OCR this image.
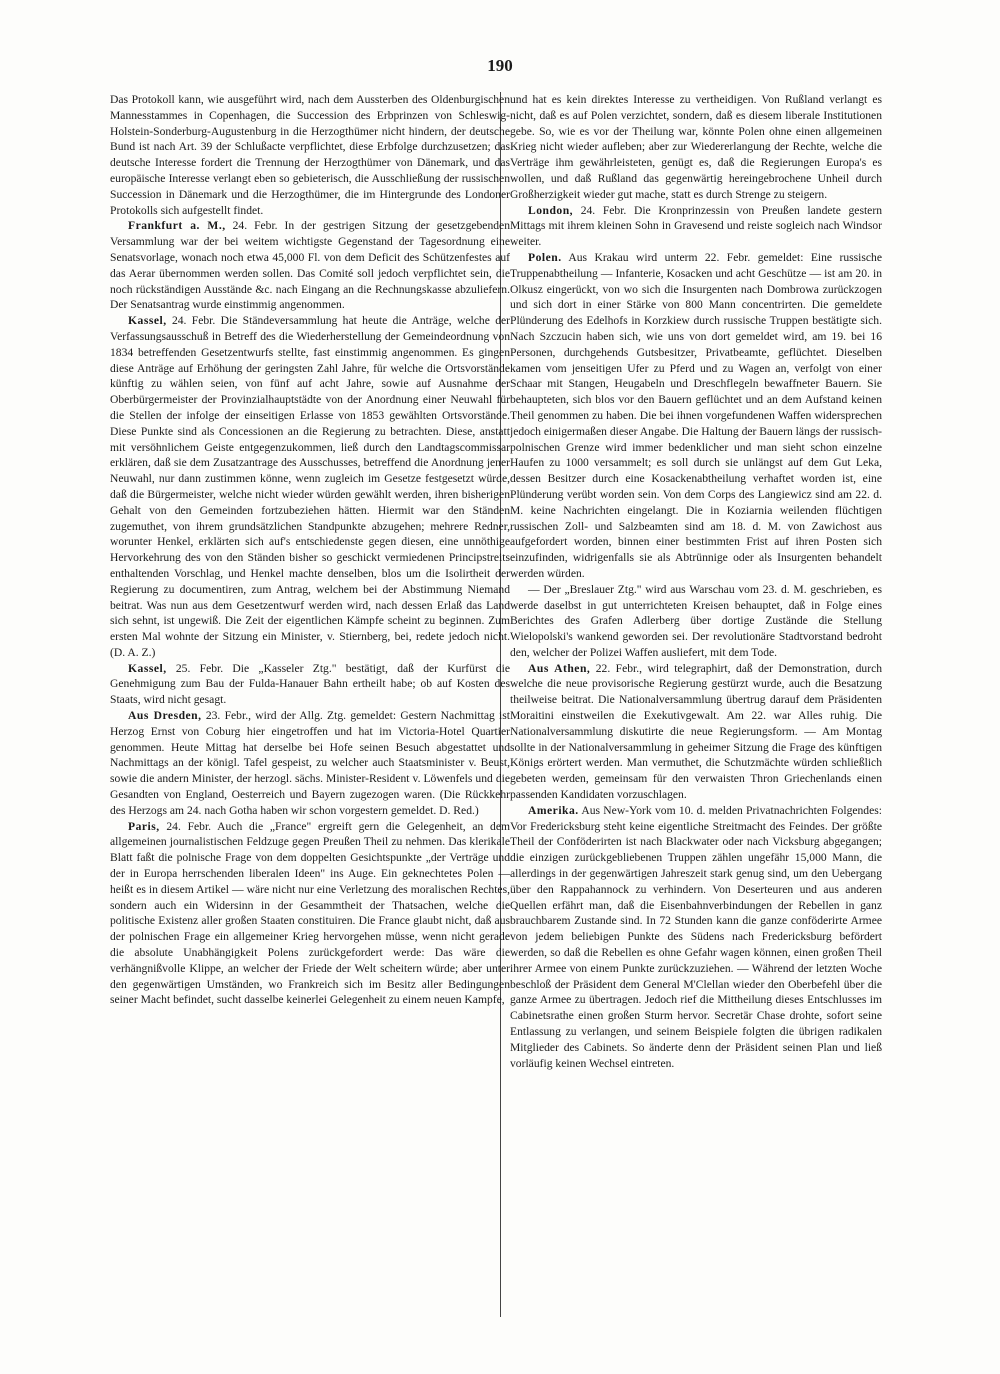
190

Das Protokoll kann, wie ausgeführt wird, nach dem Aussterben des Oldenburgischen Mannesstammes in Copenhagen, die Succession des Erbprinzen von Schleswig-Holstein-Sonderburg-Augustenburg in die Herzogthümer nicht hindern, der deutsche Bund ist nach Art. 39 der Schlußacte verpflichtet, diese Erbfolge durchzusetzen; das deutsche Interesse fordert die Trennung der Herzogthümer von Dänemark, und das europäische Interesse verlangt eben so gebieterisch, die Ausschließung der russischen Succession in Dänemark und die Herzogthümer, die im Hintergrunde des Londoner Protokolls sich aufgestellt findet.

Frankfurt a. M., 24. Febr. In der gestrigen Sitzung der gesetzgebenden Versammlung war der bei weitem wichtigste Gegenstand der Tagesordnung eine Senatsvorlage, wonach noch etwa 45,000 Fl. von dem Deficit des Schützenfestes auf das Aerar übernommen werden sollen. Das Comité soll jedoch verpflichtet sein, die noch rückständigen Ausstände &c. nach Eingang an die Rechnungskasse abzuliefern. Der Senatsantrag wurde einstimmig angenommen.

Kassel, 24. Febr. Die Ständeversammlung hat heute die Anträge, welche der Verfassungsausschuß in Betreff des die Wiederherstellung der Gemeindeordnung von 1834 betreffenden Gesetzentwurfs stellte, fast einstimmig angenommen. Es gingen diese Anträge auf Erhöhung der geringsten Zahl Jahre, für welche die Ortsvorstände künftig zu wählen seien, von fünf auf acht Jahre, sowie auf Ausnahme der Oberbürgermeister der Provinzialhauptstädte von der Anordnung einer Neuwahl für die Stellen der infolge der einseitigen Erlasse von 1853 gewählten Ortsvorstände. Diese Punkte sind als Concessionen an die Regierung zu betrachten. Diese, anstatt mit versöhnlichem Geiste entgegenzukommen, ließ durch den Landtagscommissar erklären, daß sie dem Zusatzantrage des Ausschusses, betreffend die Anordnung jener Neuwahl, nur dann zustimmen könne, wenn zugleich im Gesetze festgesetzt würde, daß die Bürgermeister, welche nicht wieder würden gewählt werden, ihren bisherigen Gehalt von den Gemeinden fortzubeziehen hätten. Hiermit war den Ständen zugemuthet, von ihrem grundsätzlichen Standpunkte abzugehen; mehrere Redner, worunter Henkel, erklärten sich auf's entschiedenste gegen diesen, eine unnöthige Hervorkehrung des von den Ständen bisher so geschickt vermiedenen Principstreits enthaltenden Vorschlag, und Henkel machte denselben, blos um die Isolirtheit der Regierung zu documentiren, zum Antrag, welchem bei der Abstimmung Niemand beitrat. Was nun aus dem Gesetzentwurf werden wird, nach dessen Erlaß das Land sich sehnt, ist ungewiß. Die Zeit der eigentlichen Kämpfe scheint zu beginnen. Zum ersten Mal wohnte der Sitzung ein Minister, v. Stiernberg, bei, redete jedoch nicht. (D. A. Z.)

Kassel, 25. Febr. Die „Kasseler Ztg." bestätigt, daß der Kurfürst die Genehmigung zum Bau der Fulda-Hanauer Bahn ertheilt habe; ob auf Kosten des Staats, wird nicht gesagt.

Aus Dresden, 23. Febr., wird der Allg. Ztg. gemeldet: Gestern Nachmittag ist Herzog Ernst von Coburg hier eingetroffen und hat im Victoria-Hotel Quartier genommen. Heute Mittag hat derselbe bei Hofe seinen Besuch abgestattet und Nachmittags an der königl. Tafel gespeist, zu welcher auch Staatsminister v. Beust, sowie die andern Minister, der herzogl. sächs. Minister-Resident v. Löwenfels und die Gesandten von England, Oesterreich und Bayern zugezogen waren. (Die Rückkehr des Herzogs am 24. nach Gotha haben wir schon vorgestern gemeldet. D. Red.)

Paris, 24. Febr. Auch die „France" ergreift gern die Gelegenheit, an dem allgemeinen journalistischen Feldzuge gegen Preußen Theil zu nehmen. Das klerikale Blatt faßt die polnische Frage von dem doppelten Gesichtspunkte „der Verträge und der in Europa herrschenden liberalen Ideen" ins Auge. Ein geknechtetes Polen — heißt es in diesem Artikel — wäre nicht nur eine Verletzung des moralischen Rechtes, sondern auch ein Widersinn in der Gesammtheit der Thatsachen, welche die politische Existenz aller großen Staaten constituiren. Die France glaubt nicht, daß aus der polnischen Frage ein allgemeiner Krieg hervorgehen müsse, wenn nicht gerade die absolute Unabhängigkeit Polens zurückgefordert werde: Das wäre die verhängnißvolle Klippe, an welcher der Friede der Welt scheitern würde; aber unter den gegenwärtigen Umständen, wo Frankreich sich im Besitz aller Bedingungen seiner Macht befindet, sucht dasselbe keinerlei Gelegenheit zu einem neuen Kampfe,

und hat es kein direktes Interesse zu vertheidigen. Von Rußland verlangt es nicht, daß es auf Polen verzichtet, sondern, daß es diesem liberale Institutionen gebe. So, wie es vor der Theilung war, könnte Polen ohne einen allgemeinen Krieg nicht wieder aufleben; aber zur Wiedererlangung der Rechte, welche die Verträge ihm gewährleisteten, genügt es, daß die Regierungen Europa's es wollen, und daß Rußland das gegenwärtig hereingebrochene Unheil durch Großherzigkeit wieder gut mache, statt es durch Strenge zu steigern.

London, 24. Febr. Die Kronprinzessin von Preußen landete gestern Mittags mit ihrem kleinen Sohn in Gravesend und reiste sogleich nach Windsor weiter.

Polen. Aus Krakau wird unterm 22. Febr. gemeldet: Eine russische Truppenabtheilung — Infanterie, Kosacken und acht Geschütze — ist am 20. in Olkusz eingerückt, von wo sich die Insurgenten nach Dombrowa zurückzogen und sich dort in einer Stärke von 800 Mann concentrirten. Die gemeldete Plünderung des Edelhofs in Korzkiew durch russische Truppen bestätigte sich. Nach Szczucin haben sich, wie uns von dort gemeldet wird, am 19. bei 16 Personen, durchgehends Gutsbesitzer, Privatbeamte, geflüchtet. Dieselben kamen vom jenseitigen Ufer zu Pferd und zu Wagen an, verfolgt von einer Schaar mit Stangen, Heugabeln und Dreschflegeln bewaffneter Bauern. Sie behaupteten, sich blos vor den Bauern geflüchtet und an dem Aufstand keinen Theil genommen zu haben. Die bei ihnen vorgefundenen Waffen widersprechen jedoch einigermaßen dieser Angabe. Die Haltung der Bauern längs der russisch-polnischen Grenze wird immer bedenklicher und man sieht schon einzelne Haufen zu 1000 versammelt; es soll durch sie unlängst auf dem Gut Leka, dessen Besitzer durch eine Kosackenabtheilung verhaftet worden ist, eine Plünderung verübt worden sein. Von dem Corps des Langiewicz sind am 22. d. M. keine Nachrichten eingelangt. Die in Koziarnia weilenden flüchtigen russischen Zoll- und Salzbeamten sind am 18. d. M. von Zawichost aus aufgefordert worden, binnen einer bestimmten Frist auf ihren Posten sich einzufinden, widrigenfalls sie als Abtrünnige oder als Insurgenten behandelt werden würden.

— Der „Breslauer Ztg." wird aus Warschau vom 23. d. M. geschrieben, es werde daselbst in gut unterrichteten Kreisen behauptet, daß in Folge eines Berichtes des Grafen Adlerberg über dortige Zustände die Stellung Wielopolski's wankend geworden sei. Der revolutionäre Stadtvorstand bedroht den, welcher der Polizei Waffen ausliefert, mit dem Tode.

Aus Athen, 22. Febr., wird telegraphirt, daß der Demonstration, durch welche die neue provisorische Regierung gestürzt wurde, auch die Besatzung theilweise beitrat. Die Nationalversammlung übertrug darauf dem Präsidenten Moraitini einstweilen die Exekutivgewalt. Am 22. war Alles ruhig. Die Nationalversammlung diskutirte die neue Regierungsform. — Am Montag sollte in der Nationalversammlung in geheimer Sitzung die Frage des künftigen Königs erörtert werden. Man vermuthet, die Schutzmächte würden schließlich gebeten werden, gemeinsam für den verwaisten Thron Griechenlands einen passenden Kandidaten vorzuschlagen.

Amerika. Aus New-York vom 10. d. melden Privatnachrichten Folgendes: Vor Fredericksburg steht keine eigentliche Streitmacht des Feindes. Der größte Theil der Conföderirten ist nach Blackwater oder nach Vicksburg abgegangen; die einzigen zurückgebliebenen Truppen zählen ungefähr 15,000 Mann, die allerdings in der gegenwärtigen Jahreszeit stark genug sind, um den Uebergang über den Rappahannock zu verhindern. Von Deserteuren und aus anderen Quellen erfährt man, daß die Eisenbahnverbindungen der Rebellen in ganz brauchbarem Zustande sind. In 72 Stunden kann die ganze conföderirte Armee von jedem beliebigen Punkte des Südens nach Fredericksburg befördert werden, so daß die Rebellen es ohne Gefahr wagen können, einen großen Theil ihrer Armee von einem Punkte zurückzuziehen. — Während der letzten Woche beschloß der Präsident dem General M'Clellan wieder den Oberbefehl über die ganze Armee zu übertragen. Jedoch rief die Mittheilung dieses Entschlusses im Cabinetsrathe einen großen Sturm hervor. Secretär Chase drohte, sofort seine Entlassung zu verlangen, und seinem Beispiele folgten die übrigen radikalen Mitglieder des Cabinets. So änderte denn der Präsident seinen Plan und ließ vorläufig keinen Wechsel eintreten.
